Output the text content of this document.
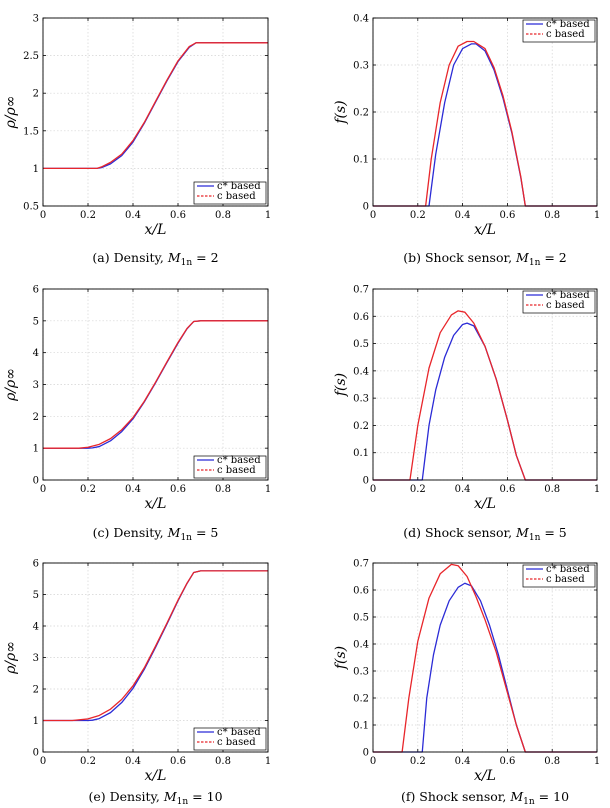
0	0.2	0.4	0.6	0.8	1
0.5
1
1.5
2
2.5
3
x/L
ρ/ρ∞
c* based
c based
(a) Density, $M_{1n} = 2$
0	0.2	0.4	0.6	0.8	1
0
0.1
0.2
0.3
0.4
x/L
f(s)
c* based
c based
(b) Shock sensor, $M_{1n} = 2$
0	0.2	0.4	0.6	0.8	1
0
1
2
3
4
5
6
x/L
ρ/ρ∞
c* based
c based
(c) Density, $M_{1n} = 5$
0	0.2	0.4	0.6	0.8	1
0
0.1
0.2
0.3
0.4
0.5
0.6
0.7
x/L
f(s)
c* based
c based
(d) Shock sensor, $M_{1n} = 5$
0	0.2	0.4	0.6	0.8	1
0
1
2
3
4
5
6
x/L
ρ/ρ∞
c* based
c based
(e) Density, $M_{1n} = 10$
0	0.2	0.4	0.6	0.8	1
0
0.1
0.2
0.3
0.4
0.5
0.6
0.7
x/L
f(s)
c* based
c based
(f) Shock sensor, $M_{1n} = 10$
